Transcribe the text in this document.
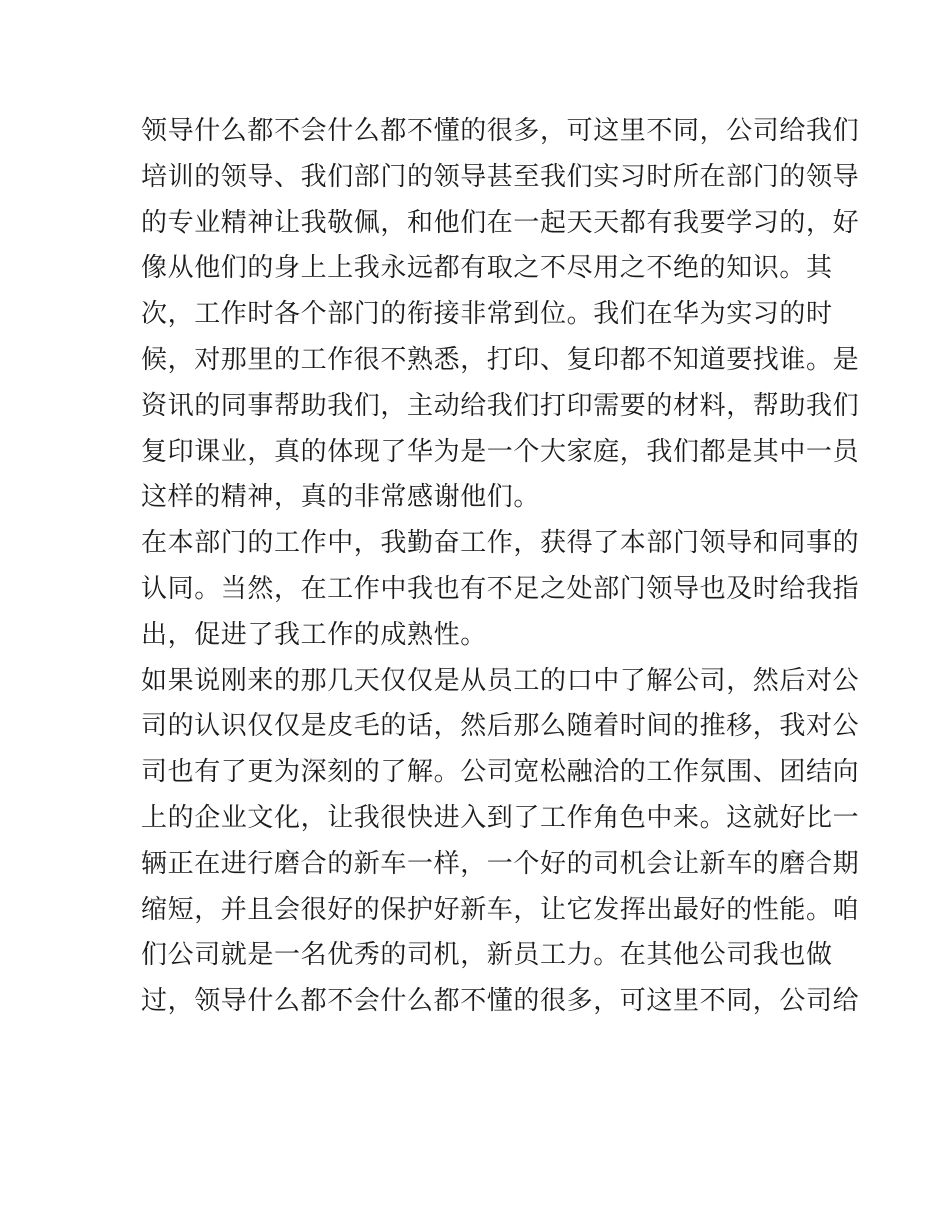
领导什么都不会什么都不懂的很多，可这里不同，公司给我们
培训的领导、我们部门的领导甚至我们实习时所在部门的领导
的专业精神让我敬佩，和他们在一起天天都有我要学习的，好
像从他们的身上上我永远都有取之不尽用之不绝的知识。其
次，工作时各个部门的衔接非常到位。我们在华为实习的时
候，对那里的工作很不熟悉，打印、复印都不知道要找谁。是
资讯的同事帮助我们，主动给我们打印需要的材料，帮助我们
复印课业，真的体现了华为是一个大家庭，我们都是其中一员
这样的精神，真的非常感谢他们。
在本部门的工作中，我勤奋工作，获得了本部门领导和同事的
认同。当然，在工作中我也有不足之处部门领导也及时给我指
出，促进了我工作的成熟性。
如果说刚来的那几天仅仅是从员工的口中了解公司，然后对公
司的认识仅仅是皮毛的话，然后那么随着时间的推移，我对公
司也有了更为深刻的了解。公司宽松融洽的工作氛围、团结向
上的企业文化，让我很快进入到了工作角色中来。这就好比一
辆正在进行磨合的新车一样，一个好的司机会让新车的磨合期
缩短，并且会很好的保护好新车，让它发挥出最好的性能。咱
们公司就是一名优秀的司机，新员工力。在其他公司我也做
过，领导什么都不会什么都不懂的很多，可这里不同，公司给
